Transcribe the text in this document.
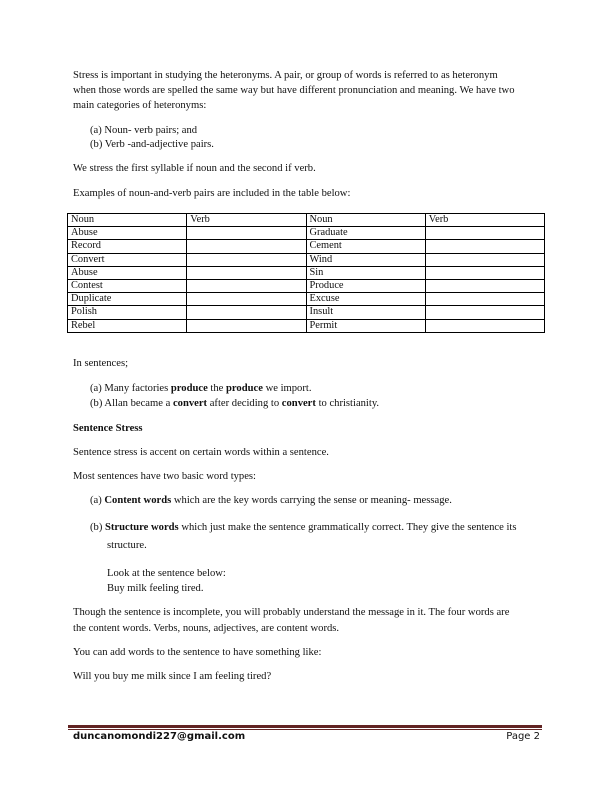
Stress is important in studying the heteronyms. A pair, or group of words is referred to as heteronym
when those words are spelled the same way but have different pronunciation and meaning. We have two
main categories of heteronyms:
(a) Noun- verb pairs; and
(b) Verb -and-adjective pairs.
We stress the first syllable if noun and the second if verb.
Examples of noun-and-verb pairs are included in the table below:
Noun	Verb	Noun	Verb
Abuse		Graduate	
Record		Cement	
Convert		Wind	
Abuse		Sin	
Contest		Produce	
Duplicate		Excuse	
Polish		Insult	
Rebel		Permit	
In sentences;
(a) Many factories produce the produce we import.
(b) Allan became a convert after deciding to convert to christianity.
Sentence Stress
Sentence stress is accent on certain words within a sentence.
Most sentences have two basic word types:
(a) Content words which are the key words carrying the sense or meaning- message.
(b) Structure words which just make the sentence grammatically correct. They give the sentence its
structure.
Look at the sentence below:
Buy milk feeling tired.
Though the sentence is incomplete, you will probably understand the message in it. The four words are
the content words. Verbs, nouns, adjectives, are content words.
You can add words to the sentence to have something like:
Will you buy me milk since I am feeling tired?
duncanomondi227@gmail.com	Page 2
